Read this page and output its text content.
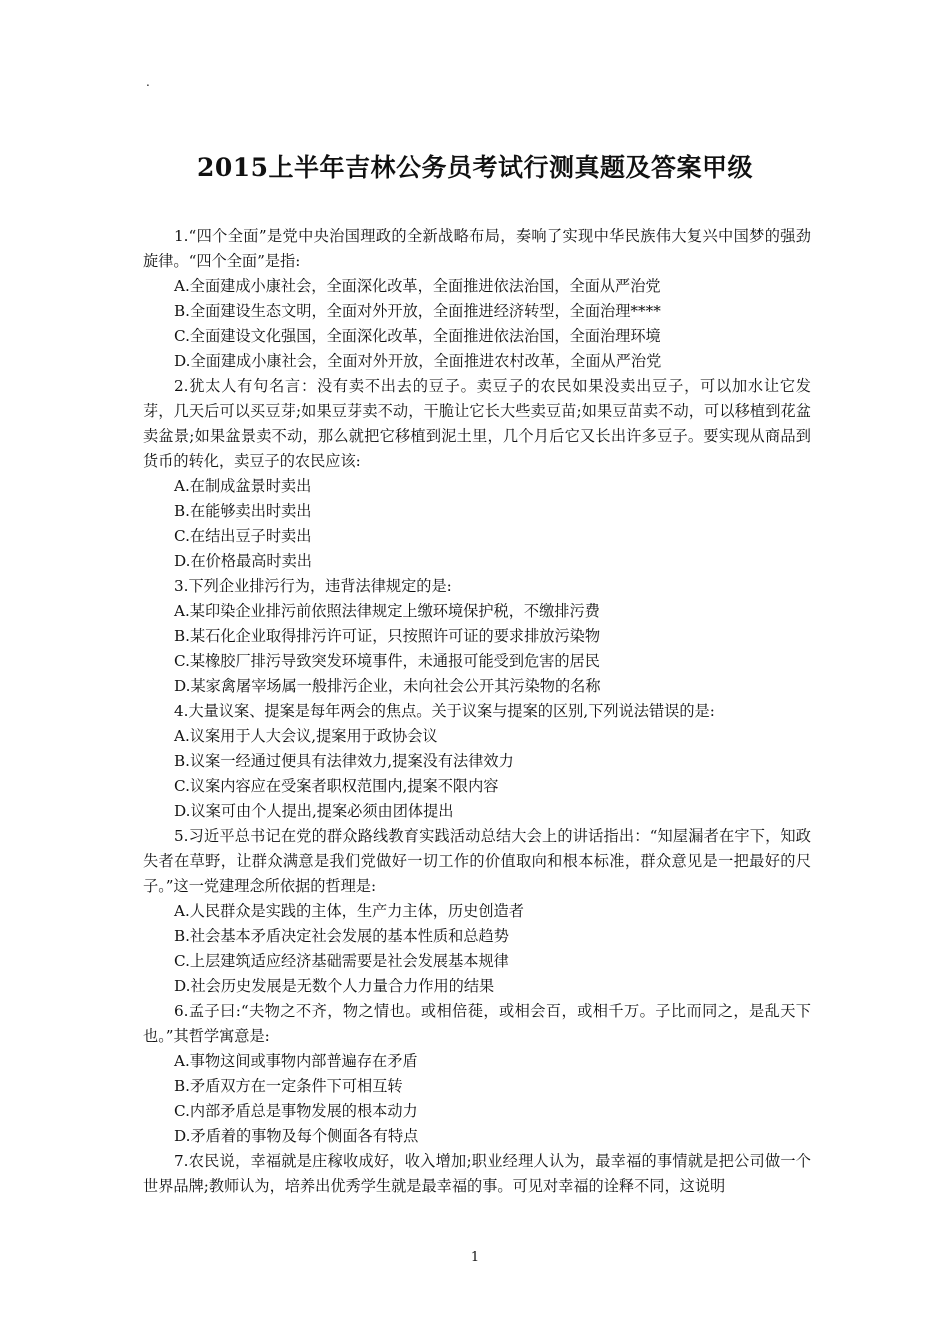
.
2015上半年吉林公务员考试行测真题及答案甲级

1.“四个全面”是党中央治国理政的全新战略布局，奏响了实现中华民族伟大复兴中国梦的强劲旋律。“四个全面”是指:

A.全面建成小康社会，全面深化改革，全面推进依法治国，全面从严治党

B.全面建设生态文明，全面对外开放，全面推进经济转型，全面治理****

C.全面建设文化强国，全面深化改革，全面推进依法治国，全面治理环境

D.全面建成小康社会，全面对外开放，全面推进农村改革，全面从严治党

2.犹太人有句名言：没有卖不出去的豆子。卖豆子的农民如果没卖出豆子，可以加水让它发芽，几天后可以买豆芽;如果豆芽卖不动，干脆让它长大些卖豆苗;如果豆苗卖不动，可以移植到花盆卖盆景;如果盆景卖不动，那么就把它移植到泥土里，几个月后它又长出许多豆子。要实现从商品到货币的转化，卖豆子的农民应该:

A.在制成盆景时卖出

B.在能够卖出时卖出

C.在结出豆子时卖出

D.在价格最高时卖出

3.下列企业排污行为，违背法律规定的是:

A.某印染企业排污前依照法律规定上缴环境保护税，不缴排污费

B.某石化企业取得排污许可证，只按照许可证的要求排放污染物

C.某橡胶厂排污导致突发环境事件，未通报可能受到危害的居民

D.某家禽屠宰场属一般排污企业，未向社会公开其污染物的名称

4.大量议案、提案是每年两会的焦点。关于议案与提案的区别,下列说法错误的是:

A.议案用于人大会议,提案用于政协会议

B.议案一经通过便具有法律效力,提案没有法律效力

C.议案内容应在受案者职权范围内,提案不限内容

D.议案可由个人提出,提案必须由团体提出

5.习近平总书记在党的群众路线教育实践活动总结大会上的讲话指出：“知屋漏者在宇下，知政失者在草野，让群众满意是我们党做好一切工作的价值取向和根本标准，群众意见是一把最好的尺子。”这一党建理念所依据的哲理是:

A.人民群众是实践的主体，生产力主体，历史创造者

B.社会基本矛盾决定社会发展的基本性质和总趋势

C.上层建筑适应经济基础需要是社会发展基本规律

D.社会历史发展是无数个人力量合力作用的结果

6.孟子曰:“夫物之不齐，物之情也。或相倍蓰，或相会百，或相千万。子比而同之，是乱天下也。”其哲学寓意是:

A.事物这间或事物内部普遍存在矛盾

B.矛盾双方在一定条件下可相互转

C.内部矛盾总是事物发展的根本动力

D.矛盾着的事物及每个侧面各有特点

7.农民说，幸福就是庄稼收成好，收入增加;职业经理人认为，最幸福的事情就是把公司做一个世界品牌;教师认为，培养出优秀学生就是最幸福的事。可见对幸福的诠释不同，这说明

1
